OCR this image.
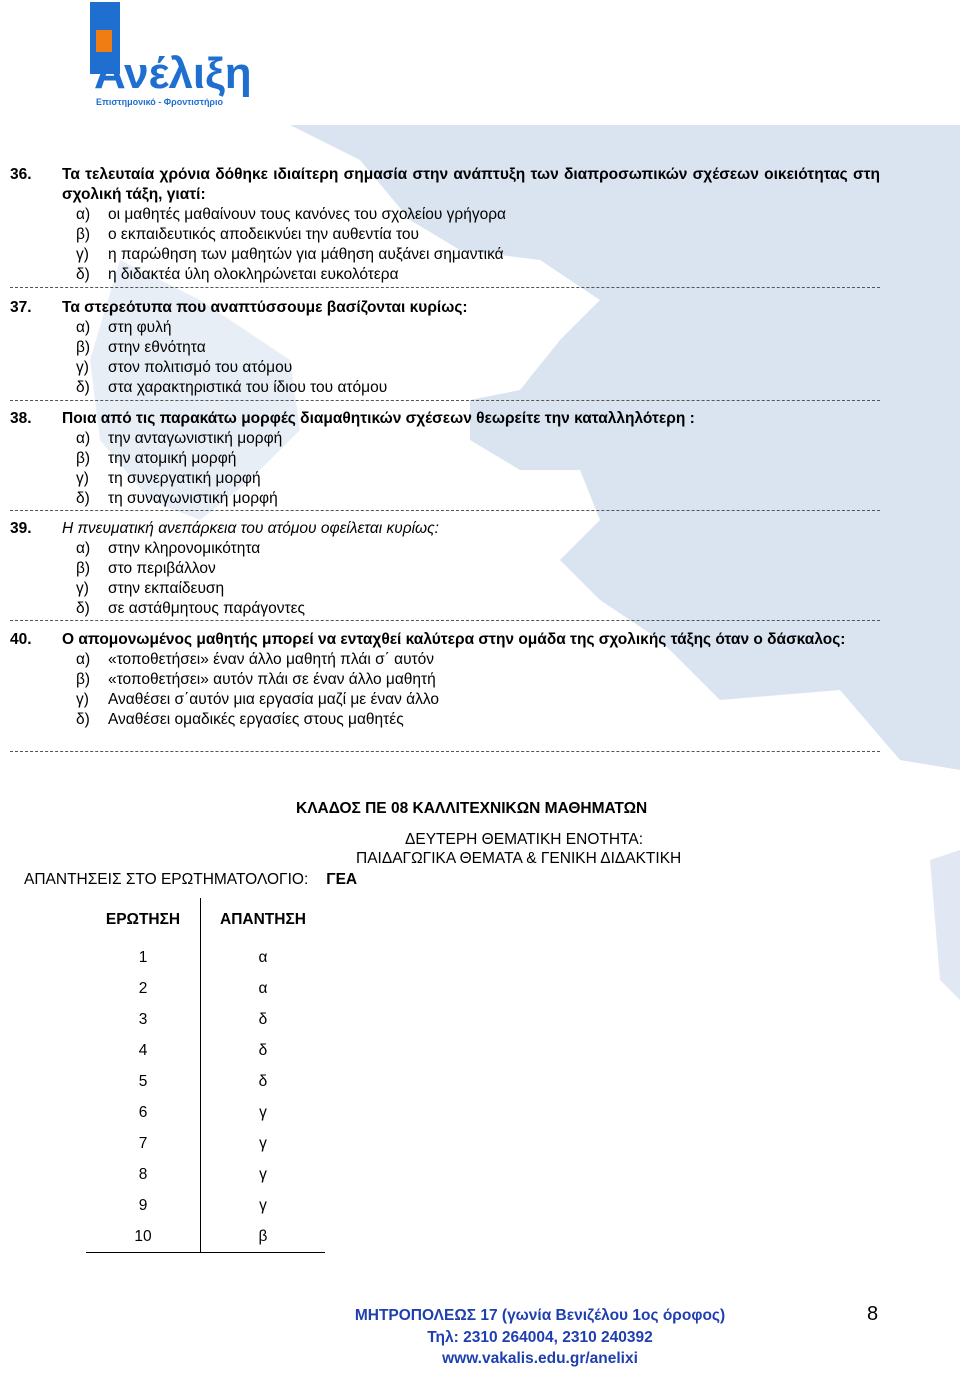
Ανέλιξη
Επιστημονικό - Φροντιστήριο
36.	Τα τελευταία χρόνια δόθηκε ιδιαίτερη σημασία στην ανάπτυξη των διαπροσωπικών σχέσεων οικειότητας στη σχολική τάξη, γιατί:
α)	οι μαθητές μαθαίνουν τους κανόνες του σχολείου γρήγορα
β)	ο εκπαιδευτικός αποδεικνύει την αυθεντία του
γ)	η παρώθηση των μαθητών για μάθηση αυξάνει σημαντικά
δ)	η διδακτέα ύλη ολοκληρώνεται ευκολότερα
37.	Τα στερεότυπα που αναπτύσσουμε βασίζονται κυρίως:
α)	στη φυλή
β)	στην εθνότητα
γ)	στον πολιτισμό του ατόμου
δ)	στα χαρακτηριστικά του ίδιου του ατόμου
38.	Ποια από τις παρακάτω μορφές διαμαθητικών σχέσεων θεωρείτε την καταλληλότερη :
α)	την ανταγωνιστική μορφή
β)	την ατομική μορφή
γ)	τη συνεργατική μορφή
δ)	τη συναγωνιστική μορφή
39.	Η πνευματική ανεπάρκεια του ατόμου οφείλεται κυρίως:
α)	στην κληρονομικότητα
β)	στο περιβάλλον
γ)	στην εκπαίδευση
δ)	σε αστάθμητους παράγοντες
40.	Ο απομονωμένος μαθητής μπορεί να ενταχθεί καλύτερα στην ομάδα της σχολικής τάξης όταν ο δάσκαλος:
α)	«τοποθετήσει» έναν άλλο μαθητή πλάι σ΄ αυτόν
β)	«τοποθετήσει» αυτόν πλάι σε έναν άλλο μαθητή
γ)	Αναθέσει σ΄αυτόν μια εργασία μαζί με έναν άλλο
δ)	Αναθέσει ομαδικές εργασίες στους μαθητές
ΚΛΑΔΟΣ ΠΕ 08 ΚΑΛΛΙΤΕΧΝΙΚΩΝ ΜΑΘΗΜΑΤΩΝ
ΔΕΥΤΕΡΗ ΘΕΜΑΤΙΚΗ ΕΝΟΤΗΤΑ:
ΠΑΙΔΑΓΩΓΙΚΑ ΘΕΜΑΤΑ & ΓΕΝΙΚΗ ΔΙΔΑΚΤΙΚΗ
ΑΠΑΝΤΗΣΕΙΣ ΣΤΟ ΕΡΩΤΗΜΑΤΟΛΟΓΙΟ: ΓΕΑ
ΕΡΩΤΗΣΗ	ΑΠΑΝΤΗΣΗ
1	α
2	α
3	δ
4	δ
5	δ
6	γ
7	γ
8	γ
9	γ
10	β
ΜΗΤΡΟΠΟΛΕΩΣ 17 (γωνία Βενιζέλου 1ος όροφος)
Τηλ: 2310 264004, 2310 240392
www.vakalis.edu.gr/anelixi
8
